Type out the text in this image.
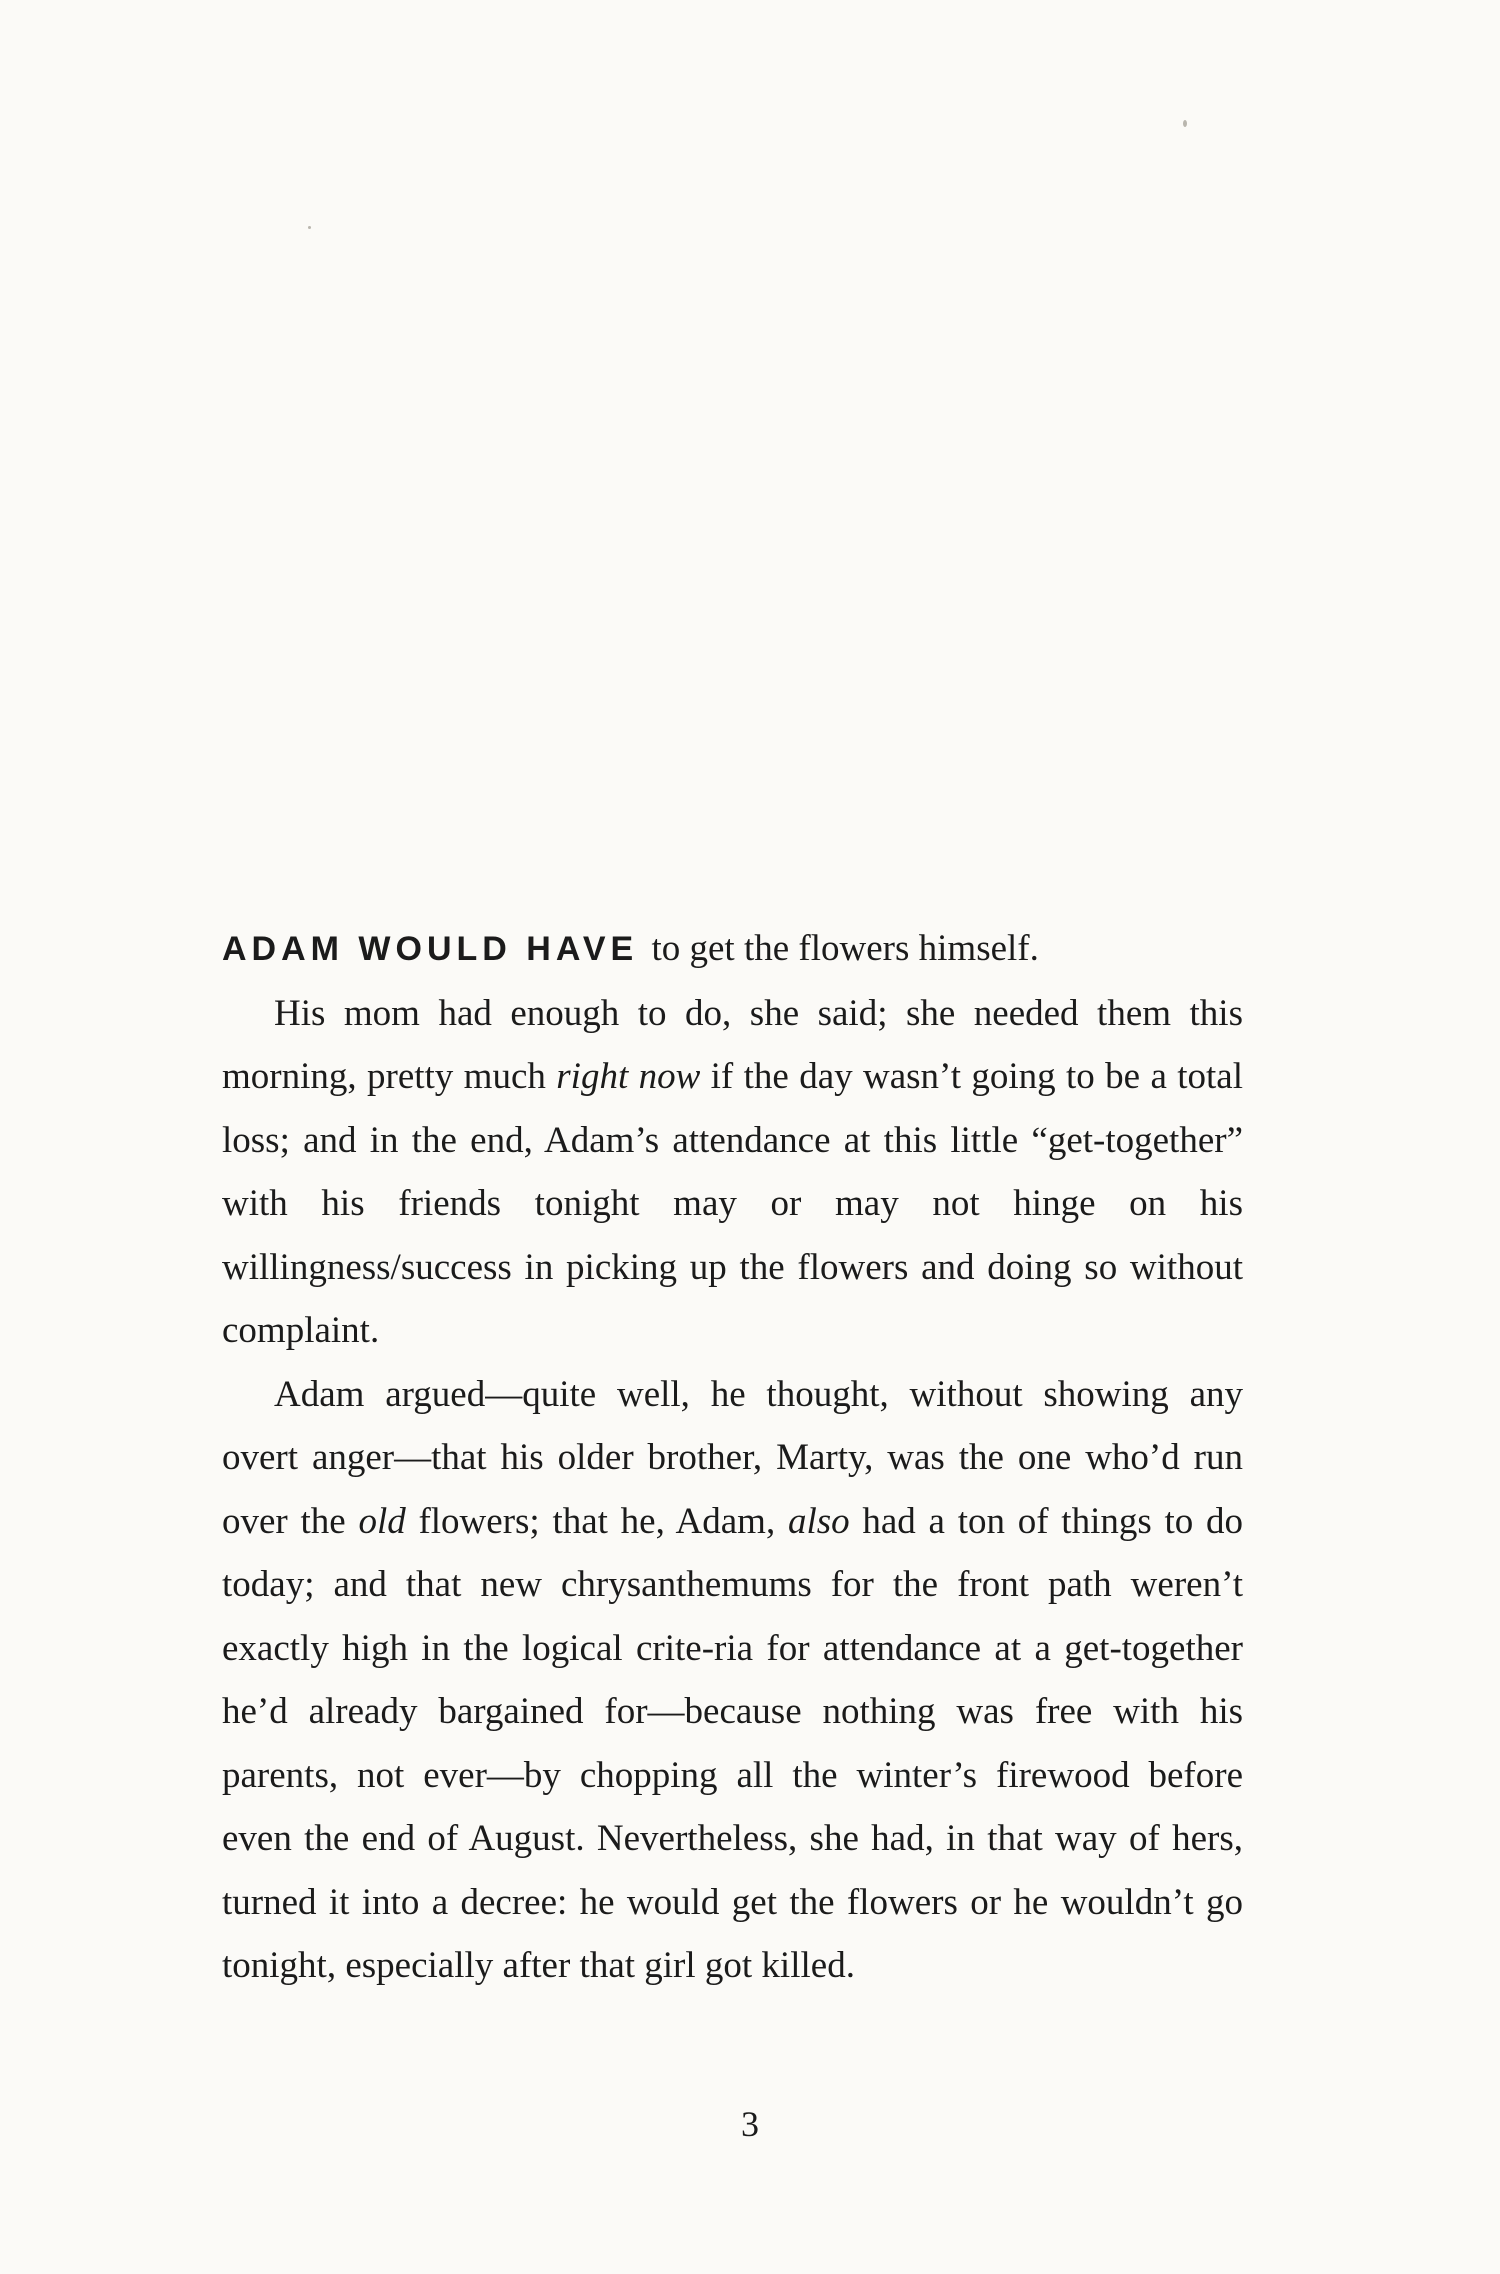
ADAM WOULD HAVE to get the flowers himself.

His mom had enough to do, she said; she needed them this morning, pretty much right now if the day wasn’t going to be a total loss; and in the end, Adam’s attendance at this little “get-together” with his friends tonight may or may not hinge on his willingness/success in picking up the flowers and doing so without complaint.

Adam argued—quite well, he thought, without showing any overt anger—that his older brother, Marty, was the one who’d run over the old flowers; that he, Adam, also had a ton of things to do today; and that new chrysanthemums for the front path weren’t exactly high in the logical crite-ria for attendance at a get-together he’d already bargained for—because nothing was free with his parents, not ever—by chopping all the winter’s firewood before even the end of August. Nevertheless, she had, in that way of hers, turned it into a decree: he would get the flowers or he wouldn’t go tonight, especially after that girl got killed.

3
